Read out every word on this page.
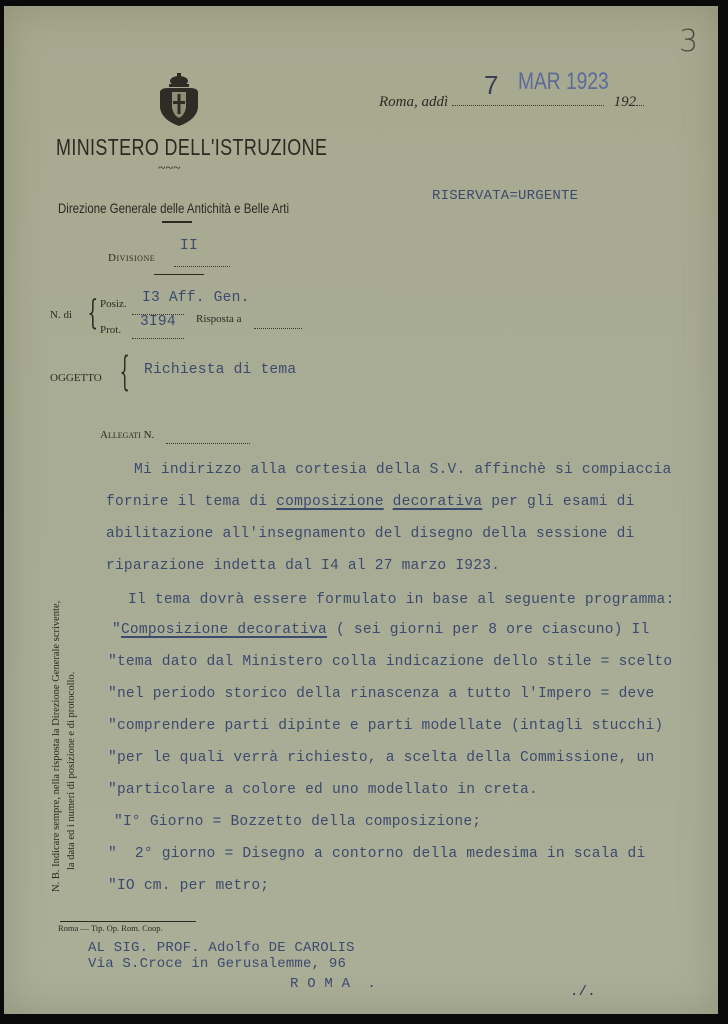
3
MINISTERO DELL'ISTRUZIONE
~~~
Direzione Generale delle Antichità e Belle Arti
7 MAR 1923
Roma, addì	192
RISERVATA=URGENTE
II
Divisione
N. di { Posiz. I3 Aff. Gen.
Prot. 3I94 Risposta a
OGGETTO { Richiesta di tema
Allegati N.
N. B. Indicare sempre, nella risposta la Direzione Generale scrivente, la data ed i numeri di posizione e di protocollo.
Mi indirizzo alla cortesia della S.V. affinchè si compiaccia
fornire il tema di composizione decorativa per gli esami di
abilitazione all'insegnamento del disegno della sessione di
riparazione indetta dal I4 al 27 marzo I923.
Il tema dovrà essere formulato in base al seguente programma:
"Composizione decorativa ( sei giorni per 8 ore ciascuno) Il
"tema dato dal Ministero colla indicazione dello stile = scelto
"nel periodo storico della rinascenza a tutto l'Impero = deve
"comprendere parti dipinte e parti modellate (intagli stucchi)
"per le quali verrà richiesto, a scelta della Commissione, un
"particolare a colore ed uno modellato in creta.
"I° Giorno = Bozzetto della composizione;
"  2° giorno = Disegno a contorno della medesima in scala di
"IO cm. per metro;
Roma — Tip. Op. Rom. Coop.
AL SIG. PROF. Adolfo DE CAROLIS
Via S.Croce in Gerusalemme, 96
R O M A  .	./.
